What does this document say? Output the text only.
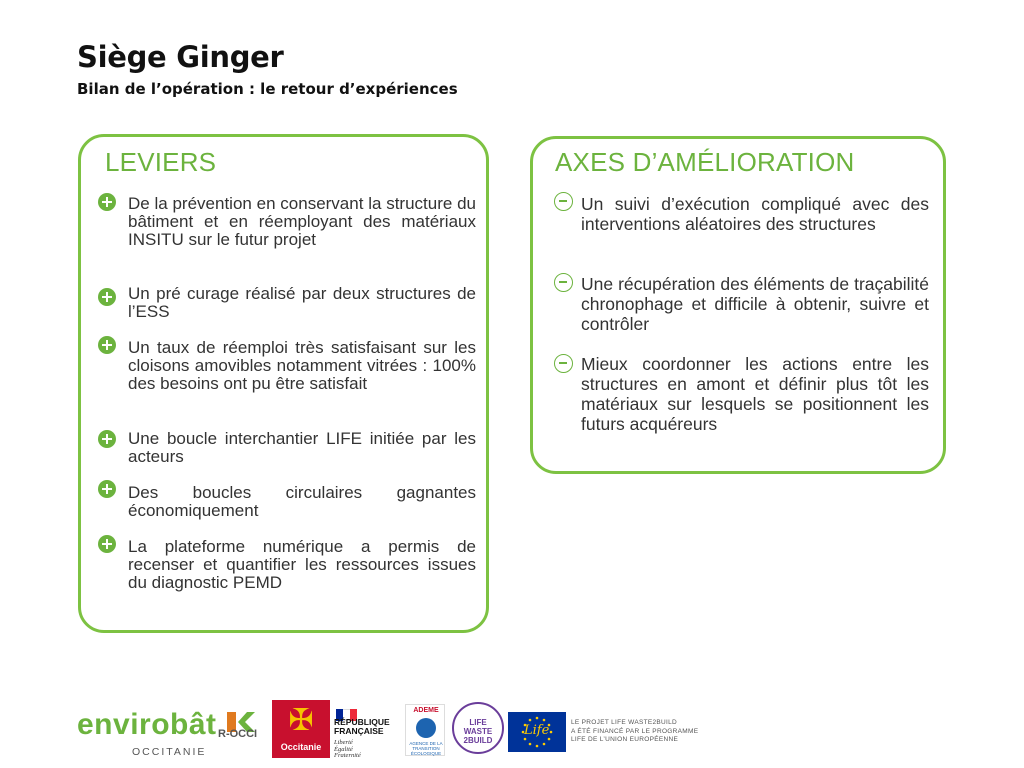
Siège Ginger
Bilan de l’opération : le retour d’expériences
LEVIERS
De la prévention en conservant la structure du bâtiment et en réemployant des matériaux INSITU sur le futur projet
Un pré curage réalisé par deux structures de l’ESS
Un taux de réemploi très satisfaisant sur les cloisons amovibles notamment vitrées : 100% des besoins ont pu être satisfait
Une boucle interchantier LIFE initiée par les acteurs
Des boucles circulaires gagnantes économiquement
La plateforme numérique a permis de recenser et quantifier les ressources issues du diagnostic PEMD
AXES D’AMÉLIORATION
Un suivi d’exécution compliqué avec des interventions aléatoires des structures
Une récupération des éléments de traçabilité chronophage et difficile à obtenir, suivre et contrôler
Mieux coordonner les actions entre les structures en amont et définir plus tôt les matériaux sur lesquels se positionnent les futurs acquéreurs
envirobât
OCCITANIE
R-OCCI ✠
Occitanie
RÉPUBLIQUE FRANÇAISE
Liberté Égalité Fraternité
ADEME
AGENCE DE LA TRANSITION ÉCOLOGIQUE
LIFE WASTE 2BUILD
Life
LE PROJET LIFE WASTE2BUILD
A ÉTÉ FINANCÉ PAR LE PROGRAMME
LIFE DE L’UNION EUROPÉENNE
